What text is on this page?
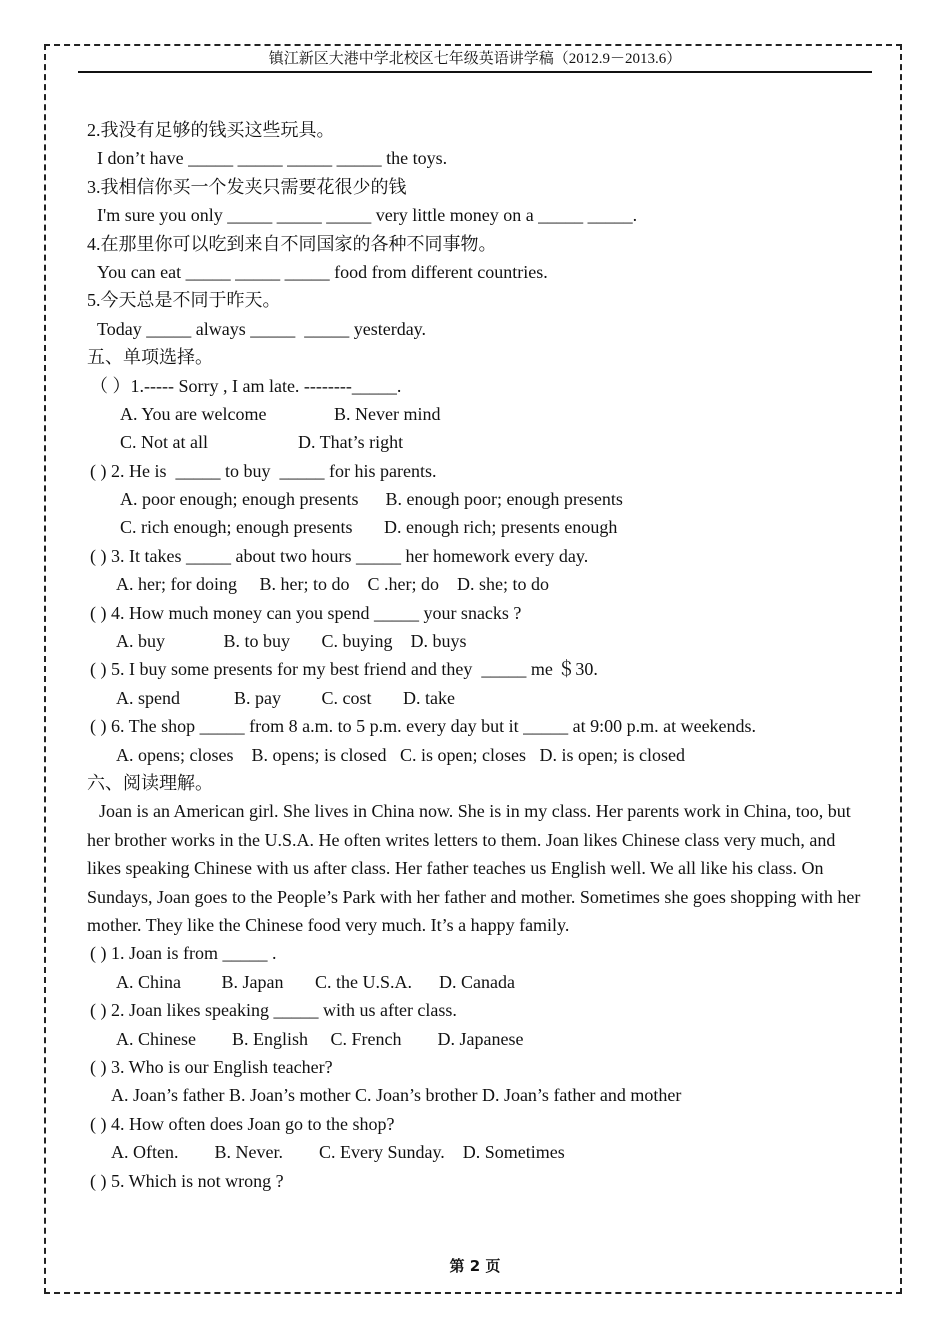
镇江新区大港中学北校区七年级英语讲学稿（2012.9－2013.6）
2.我没有足够的钱买这些玩具。
I don’t have _____ _____ _____ _____ the toys.
3.我相信你买一个发夹只需要花很少的钱
I'm sure you only _____ _____ _____ very little money on a _____ _____.
4.在那里你可以吃到来自不同国家的各种不同事物。
You can eat _____ _____ _____ food from different countries.
5.今天总是不同于昨天。
Today _____ always _____  _____ yesterday.
五、单项选择。
（ ）1.----- Sorry , I am late. --------_____.
A. You are welcome               B. Never mind
C. Not at all                    D. That’s right
( ) 2. He is  _____ to buy  _____ for his parents.
A. poor enough; enough presents      B. enough poor; enough presents
C. rich enough; enough presents       D. enough rich; presents enough
( ) 3. It takes _____ about two hours _____ her homework every day.
A. her; for doing     B. her; to do    C .her; do    D. she; to do
( ) 4. How much money can you spend _____ your snacks ?
A. buy             B. to buy       C. buying    D. buys
( ) 5. I buy some presents for my best friend and they  _____ me ＄30.
A. spend            B. pay         C. cost       D. take
( ) 6. The shop _____ from 8 a.m. to 5 p.m. every day but it _____ at 9:00 p.m. at weekends.
A. opens; closes    B. opens; is closed   C. is open; closes   D. is open; is closed
六、阅读理解。
Joan is an American girl. She lives in China now. She is in my class. Her parents work in China, too, but her brother works in the U.S.A. He often writes letters to them. Joan likes Chinese class very much, and likes speaking Chinese with us after class. Her father teaches us English well. We all like his class. On Sundays, Joan goes to the People’s Park with her father and mother. Sometimes she goes shopping with her mother. They like the Chinese food very much. It’s a happy family.
( ) 1. Joan is from _____ .
A. China         B. Japan       C. the U.S.A.      D. Canada
( ) 2. Joan likes speaking _____ with us after class.
A. Chinese        B. English     C. French        D. Japanese
( ) 3. Who is our English teacher?
A. Joan’s father B. Joan’s mother C. Joan’s brother D. Joan’s father and mother
( ) 4. How often does Joan go to the shop?
A. Often.        B. Never.        C. Every Sunday.    D. Sometimes
( ) 5. Which is not wrong ?
第 2 页
